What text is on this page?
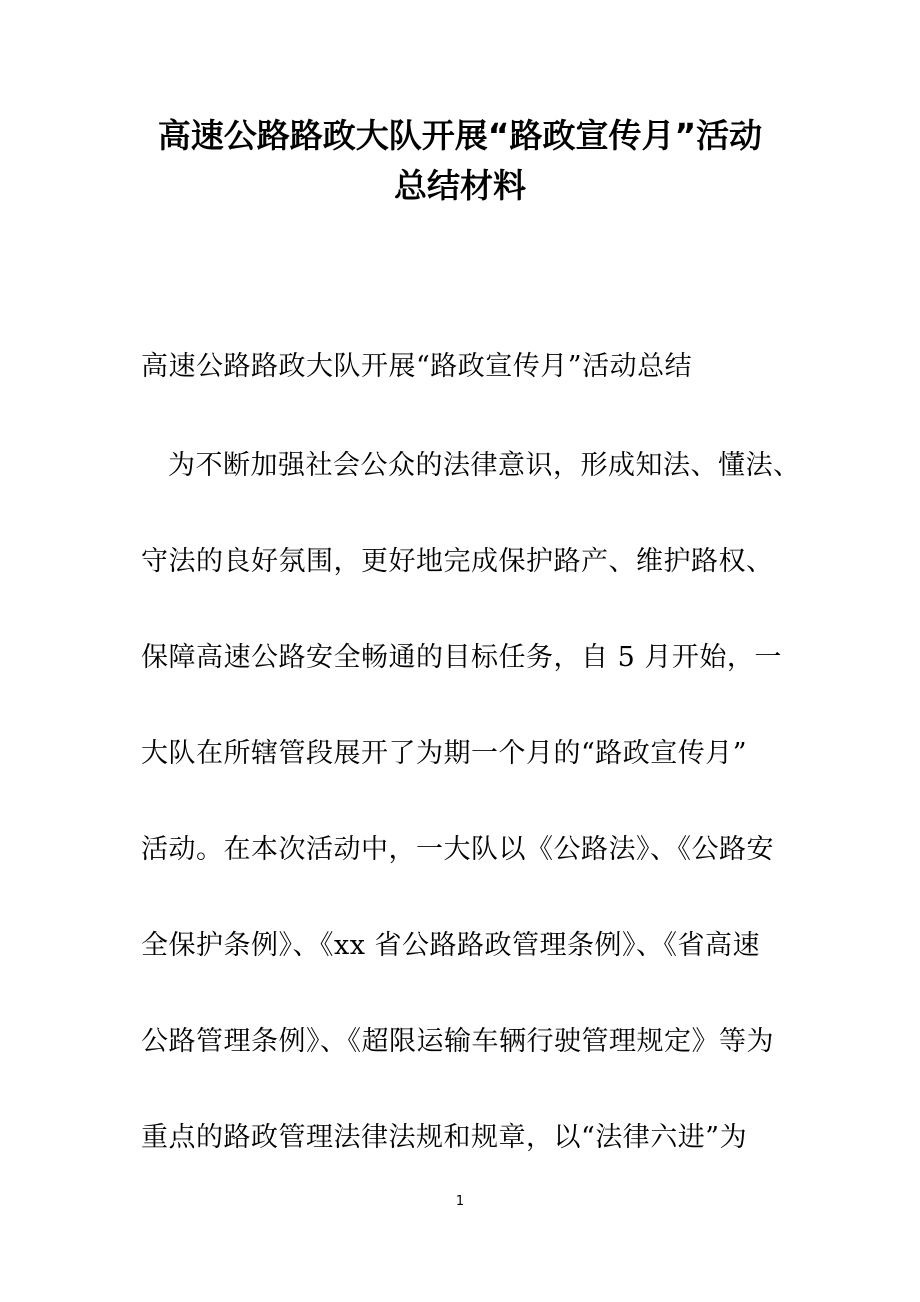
高速公路路政大队开展“路政宣传月”活动
总结材料

高速公路路政大队开展“路政宣传月”活动总结

为不断加强社会公众的法律意识，形成知法、懂法、

守法的良好氛围，更好地完成保护路产、维护路权、

保障高速公路安全畅通的目标任务，自 5 月开始，一

大队在所辖管段展开了为期一个月的“路政宣传月”

活动。在本次活动中，一大队以《公路法》、《公路安

全保护条例》、《xx 省公路路政管理条例》、《省高速

公路管理条例》、《超限运输车辆行驶管理规定》等为

重点的路政管理法律法规和规章，以“法律六进”为

1
